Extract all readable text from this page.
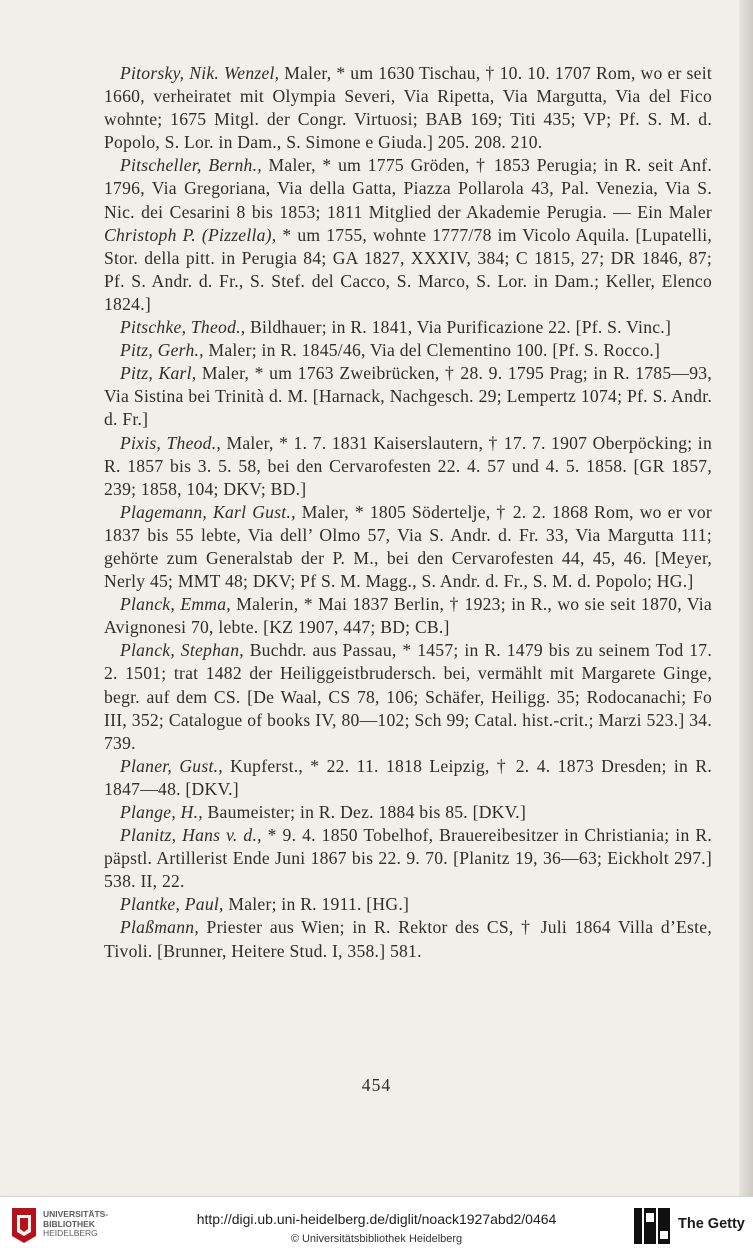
Pitorsky, Nik. Wenzel, Maler, * um 1630 Tischau, † 10. 10. 1707 Rom, wo er seit 1660, verheiratet mit Olympia Severi, Via Ripetta, Via Margutta, Via del Fico wohnte; 1675 Mitgl. der Congr. Virtuosi; BAB 169; Titi 435; VP; Pf. S. M. d. Popolo, S. Lor. in Dam., S. Simone e Giuda.] 205. 208. 210.

Pitscheller, Bernh., Maler, * um 1775 Gröden, † 1853 Perugia; in R. seit Anf. 1796, Via Gregoriana, Via della Gatta, Piazza Pollarola 43, Pal. Venezia, Via S. Nic. dei Cesarini 8 bis 1853; 1811 Mitglied der Akademie Perugia. — Ein Maler Christoph P. (Pizzella), * um 1755, wohnte 1777/78 im Vicolo Aquila. [Lupatelli, Stor. della pitt. in Perugia 84; GA 1827, XXXIV, 384; C 1815, 27; DR 1846, 87; Pf. S. Andr. d. Fr., S. Stef. del Cacco, S. Marco, S. Lor. in Dam.; Keller, Elenco 1824.]

Pitschke, Theod., Bildhauer; in R. 1841, Via Purificazione 22. [Pf. S. Vinc.]

Pitz, Gerh., Maler; in R. 1845/46, Via del Clementino 100. [Pf. S. Rocco.]

Pitz, Karl, Maler, * um 1763 Zweibrücken, † 28. 9. 1795 Prag; in R. 1785—93, Via Sistina bei Trinità d. M. [Harnack, Nachgesch. 29; Lempertz 1074; Pf. S. Andr. d. Fr.]

Pixis, Theod., Maler, * 1. 7. 1831 Kaiserslautern, † 17. 7. 1907 Oberpöcking; in R. 1857 bis 3. 5. 58, bei den Cervarofesten 22. 4. 57 und 4. 5. 1858. [GR 1857, 239; 1858, 104; DKV; BD.]

Plagemann, Karl Gust., Maler, * 1805 Södertelje, † 2. 2. 1868 Rom, wo er vor 1837 bis 55 lebte, Via dell’ Olmo 57, Via S. Andr. d. Fr. 33, Via Margutta 111; gehörte zum Generalstab der P. M., bei den Cervarofesten 44, 45, 46. [Meyer, Nerly 45; MMT 48; DKV; Pf S. M. Magg., S. Andr. d. Fr., S. M. d. Popolo; HG.]

Planck, Emma, Malerin, * Mai 1837 Berlin, † 1923; in R., wo sie seit 1870, Via Avignonesi 70, lebte. [KZ 1907, 447; BD; CB.]

Planck, Stephan, Buchdr. aus Passau, * 1457; in R. 1479 bis zu seinem Tod 17. 2. 1501; trat 1482 der Heiliggeistbrudersch. bei, vermählt mit Margarete Ginge, begr. auf dem CS. [De Waal, CS 78, 106; Schäfer, Heiligg. 35; Rodocanachi; Fo III, 352; Catalogue of books IV, 80—102; Sch 99; Catal. hist.-crit.; Marzi 523.] 34. 739.

Planer, Gust., Kupferst., * 22. 11. 1818 Leipzig, † 2. 4. 1873 Dresden; in R. 1847—48. [DKV.]

Plange, H., Baumeister; in R. Dez. 1884 bis 85. [DKV.]

Planitz, Hans v. d., * 9. 4. 1850 Tobelhof, Brauereibesitzer in Christiania; in R. päpstl. Artillerist Ende Juni 1867 bis 22. 9. 70. [Planitz 19, 36—63; Eickholt 297.] 538. II, 22.

Plantke, Paul, Maler; in R. 1911. [HG.]

Plaßmann, Priester aus Wien; in R. Rektor des CS, † Juli 1864 Villa d’Este, Tivoli. [Brunner, Heitere Stud. I, 358.] 581.

454
UNIVERSITÄTS-
BIBLIOTHEK
HEIDELBERG
http://digi.ub.uni-heidelberg.de/diglit/noack1927abd2/0464
© Universitätsbibliothek Heidelberg
The Getty
